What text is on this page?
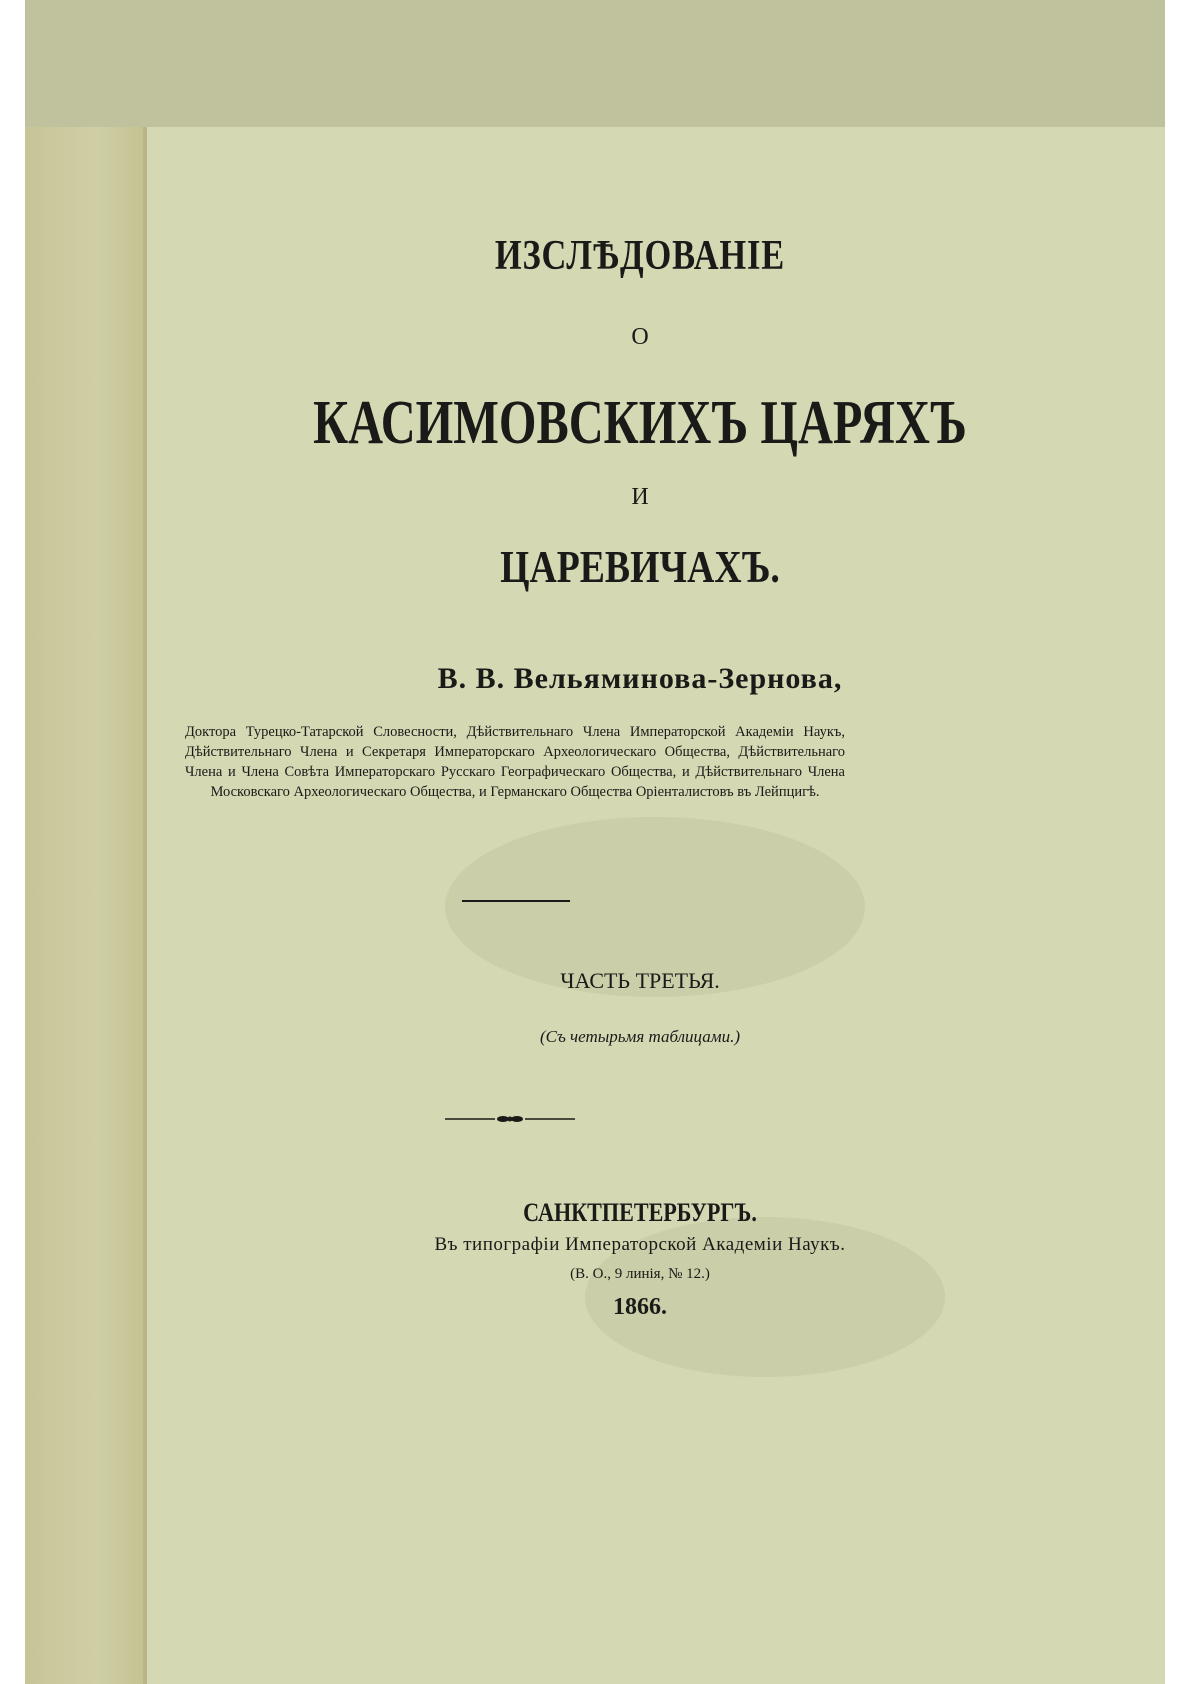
ИЗСЛѢДОВАНІЕ
О
КАСИМОВСКИХЪ ЦАРЯХЪ
И
ЦАРЕВИЧАХЪ.
В. В. Вельяминова-Зернова,
Доктора Турецко-Татарской Словесности, Дѣйствительнаго Члена Императорской Академіи Наукъ, Дѣйствительнаго Члена и Секретаря Императорскаго Археологическаго Общества, Дѣйствительнаго Члена и Члена Совѣта Императорскаго Русскаго Географическаго Общества, и Дѣйствительнаго Члена Московскаго Археологическаго Общества, и Германскаго Общества Оріенталистовъ въ Лейпцигѣ.
ЧАСТЬ ТРЕТЬЯ.
(Съ четырьмя таблицами.)
САНКТПЕТЕРБУРГЪ.
Въ типографіи Императорской Академіи Наукъ.
(В. О., 9 линія, № 12.)
1866.
